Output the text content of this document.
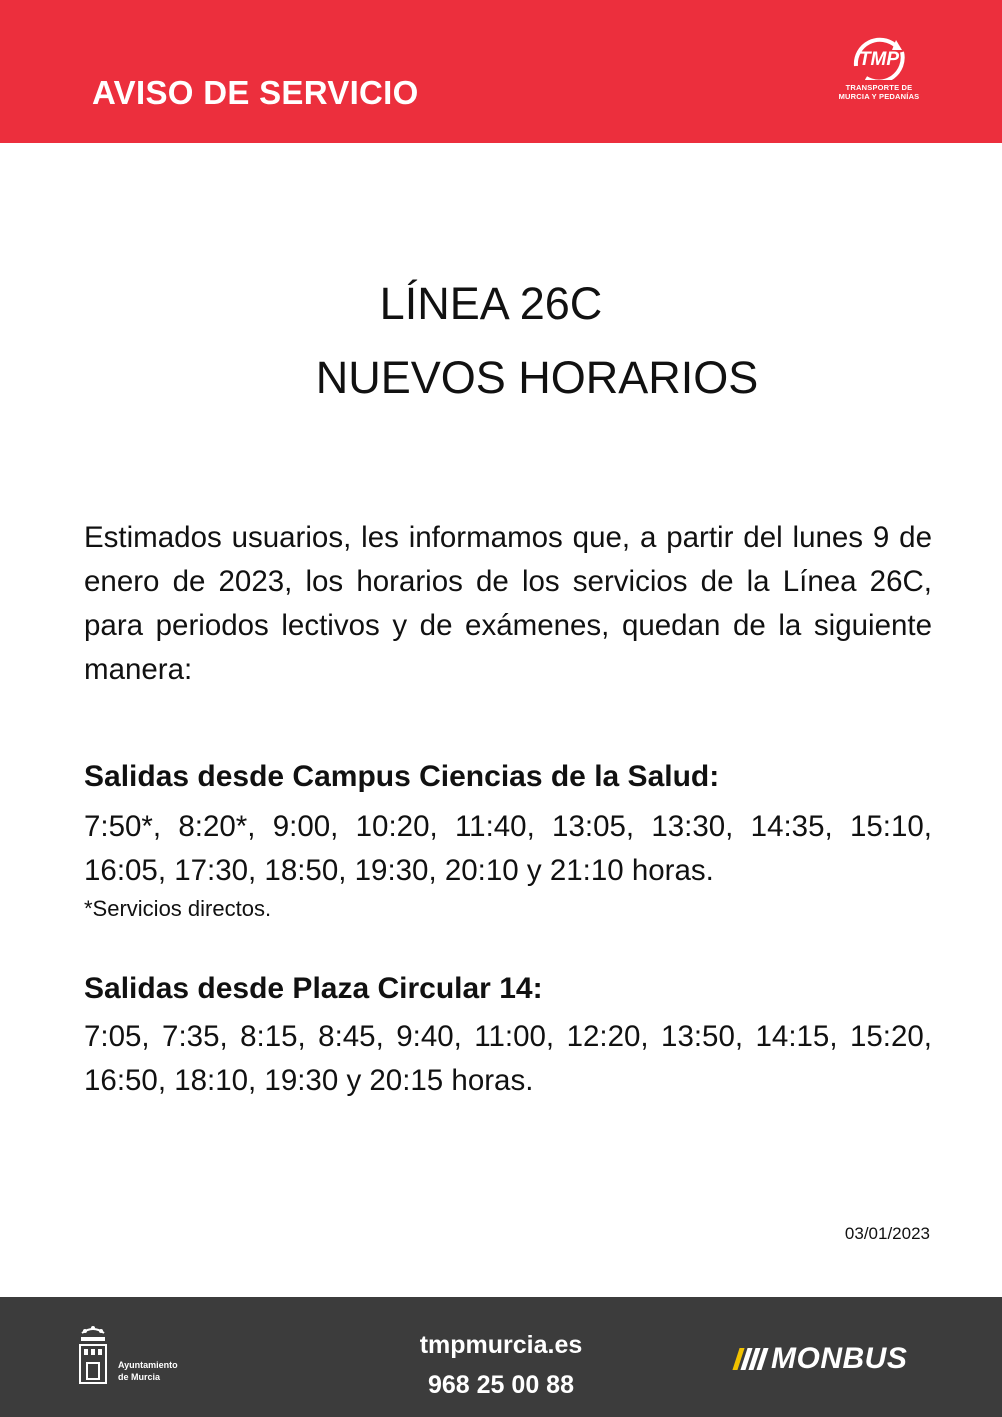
AVISO DE SERVICIO
TMP
TRANSPORTE DE
MURCIA Y PEDANÍAS
LÍNEA 26C
NUEVOS HORARIOS
Estimados usuarios, les informamos que, a partir del lunes 9 de enero de 2023, los horarios de los servicios de la Línea 26C, para periodos lectivos y de exámenes, quedan de la siguiente manera:
Salidas desde Campus Ciencias de la Salud:
7:50*, 8:20*, 9:00, 10:20, 11:40, 13:05, 13:30, 14:35, 15:10, 16:05, 17:30, 18:50, 19:30, 20:10 y 21:10 horas.
*Servicios directos.
Salidas desde Plaza Circular 14:
7:05, 7:35, 8:15, 8:45, 9:40, 11:00, 12:20, 13:50, 14:15, 15:20, 16:50, 18:10, 19:30 y 20:15 horas.
03/01/2023
Ayuntamiento
de Murcia
tmpmurcia.es
968 25 00 88
MONBUS
